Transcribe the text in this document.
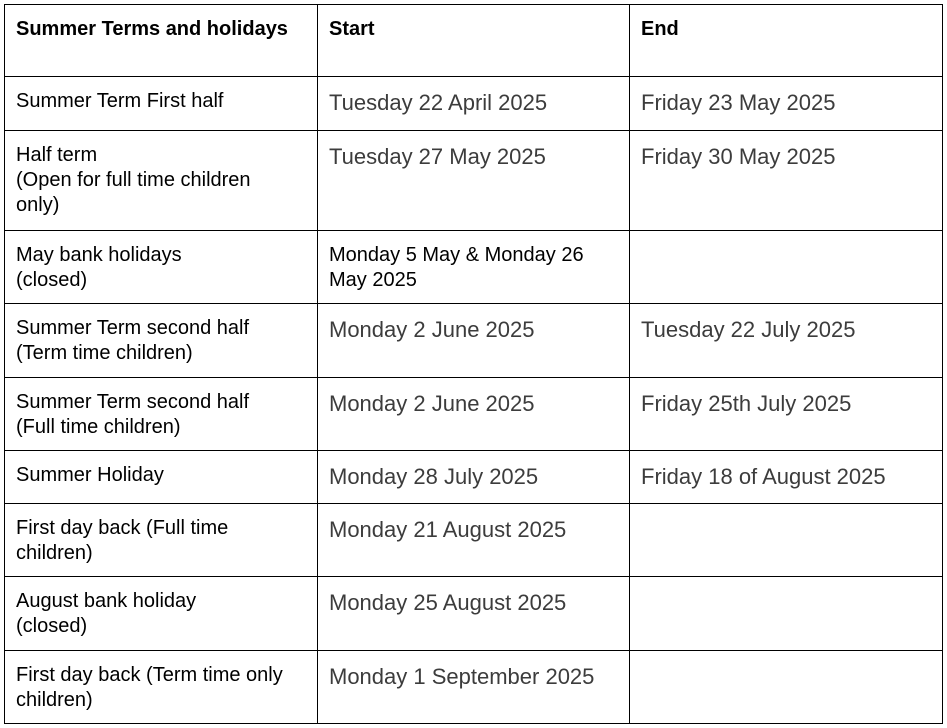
Summer Terms and holidays	Start	End

Summer Term First half	Tuesday 22 April 2025	Friday 23 May 2025

Half term
(Open for full time children
only)	Tuesday 27 May 2025	Friday 30 May 2025

May bank holidays
(closed)	Monday 5 May & Monday 26 May 2025	

Summer Term second half
(Term time children)	Monday 2 June 2025	Tuesday 22 July 2025

Summer Term second half
(Full time children)	Monday 2 June 2025	Friday 25th July 2025

Summer Holiday	Monday 28 July 2025	Friday 18 of August 2025

First day back (Full time children)	Monday 21 August 2025	

August bank holiday
(closed)	Monday 25 August 2025	

First day back (Term time only children)	Monday 1 September 2025	
